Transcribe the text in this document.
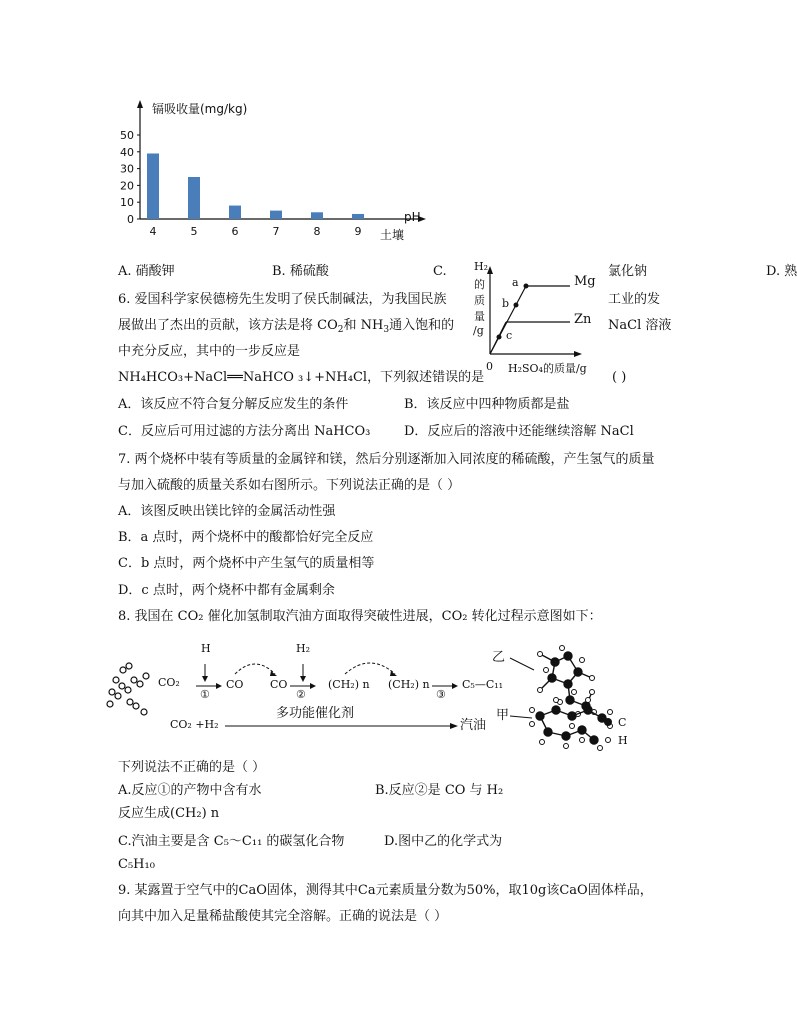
0
10
20
30
40
50
镉吸收量(mg/kg)
4	5	6	7	8	9
pH
土壤
A. 硝酸钾	B. 稀硫酸	C.	氯化钠	D. 熟
6. 爱国科学家侯德榜先生发明了侯氏制碱法，为我国民族	工业的发
展做出了杰出的贡献，该方法是将 $CO_2$和 $NH_3$通入饱和的	NaCl 溶液
中充分反应，其中的一步反应是
NH₄HCO₃+NaCl══NaHCO ₃↓+NH₄Cl，下列叙述错误的是	( )
A．该反应不符合复分解反应发生的条件	B．该反应中四种物质都是盐
C．反应后可用过滤的方法分离出 NaHCO₃	D．反应后的溶液中还能继续溶解 NaCl
H₂
的
质
量
/g
0 H₂SO₄的质量/g
a
b
c
Mg
Zn
7. 两个烧杯中装有等质量的金属锌和镁，然后分别逐渐加入同浓度的稀硫酸，产生氢气的质量
与加入硫酸的质量关系如右图所示。下列说法正确的是（ ）
A．该图反映出镁比锌的金属活动性强
B．a 点时，两个烧杯中的酸都恰好完全反应
C．b 点时，两个烧杯中产生氢气的质量相等
D．c 点时，两个烧杯中都有金属剩余
8. 我国在 CO₂ 催化加氢制取汽油方面取得突破性进展，CO₂ 转化过程示意图如下：
CO₂
H
①
CO CO
H₂
②
(CH₂) n (CH₂) n
③
C₅—C₁₁
CO₂ +H₂
多功能催化剂
汽油
乙
甲	C
H
下列说法不正确的是（ ）
A.反应①的产物中含有水	B.反应②是 CO 与 H₂
反应生成(CH₂) n
C.汽油主要是含 C₅～C₁₁ 的碳氢化合物	D.图中乙的化学式为
C₅H₁₀
9. 某露置于空气中的CaO固体，测得其中Ca元素质量分数为50%，取10g该CaO固体样品，
向其中加入足量稀盐酸使其完全溶解。正确的说法是（ ）
